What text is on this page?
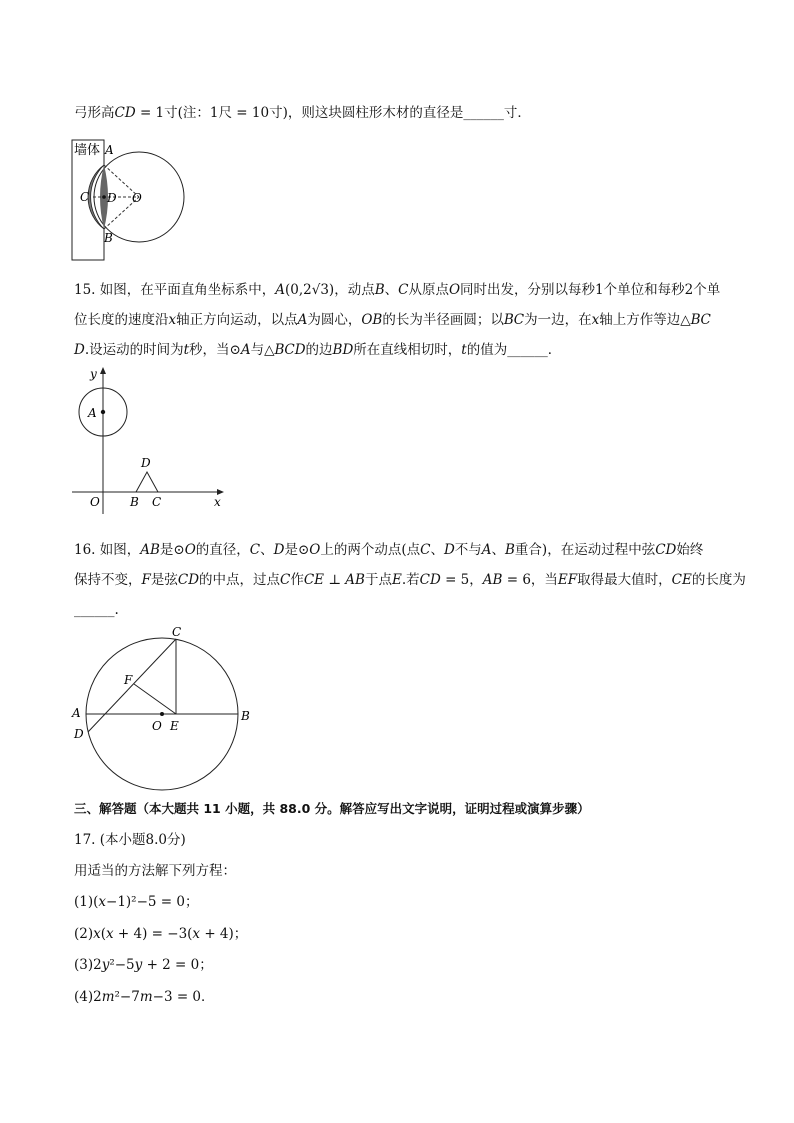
弓形高𝐶𝐷 = 1寸(注：1尺 = 10寸)，则这块圆柱形木材的直径是______寸．
墙体 A
C D O
B
15. 如图，在平面直角坐标系中，𝐴(0,2√3)，动点𝐵、𝐶从原点𝑂同时出发，分别以每秒1个单位和每秒2个单
位长度的速度沿𝑥轴正方向运动，以点𝐴为圆心，𝑂𝐵的长为半径画圆；以𝐵𝐶为一边，在𝑥轴上方作等边△𝐵𝐶
𝐷.设运动的时间为𝑡秒，当⊙𝐴与△𝐵𝐶𝐷的边𝐵𝐷所在直线相切时，𝑡的值为______．
y
A
D
O	B C	x
16. 如图，𝐴𝐵是⊙𝑂的直径，𝐶、𝐷是⊙𝑂上的两个动点(点𝐶、𝐷不与𝐴、𝐵重合)，在运动过程中弦𝐶𝐷始终
保持不变，𝐹是弦𝐶𝐷的中点，过点𝐶作𝐶𝐸 ⊥ 𝐴𝐵于点𝐸.若𝐶𝐷 = 5，𝐴𝐵 = 6，当𝐸𝐹取得最大值时，𝐶𝐸的长度为
______.
C
F
A
O E
B
D
三、解答题（本大题共 11 小题，共 88.0 分。解答应写出文字说明，证明过程或演算步骤）
17. (本小题8.0分)
用适当的方法解下列方程：
(1)(𝑥−1)²−5 = 0；
(2)𝑥(𝑥 + 4) = −3(𝑥 + 4)；
(3)2𝑦²−5𝑦 + 2 = 0；
(4)2𝑚²−7𝑚−3 = 0．
